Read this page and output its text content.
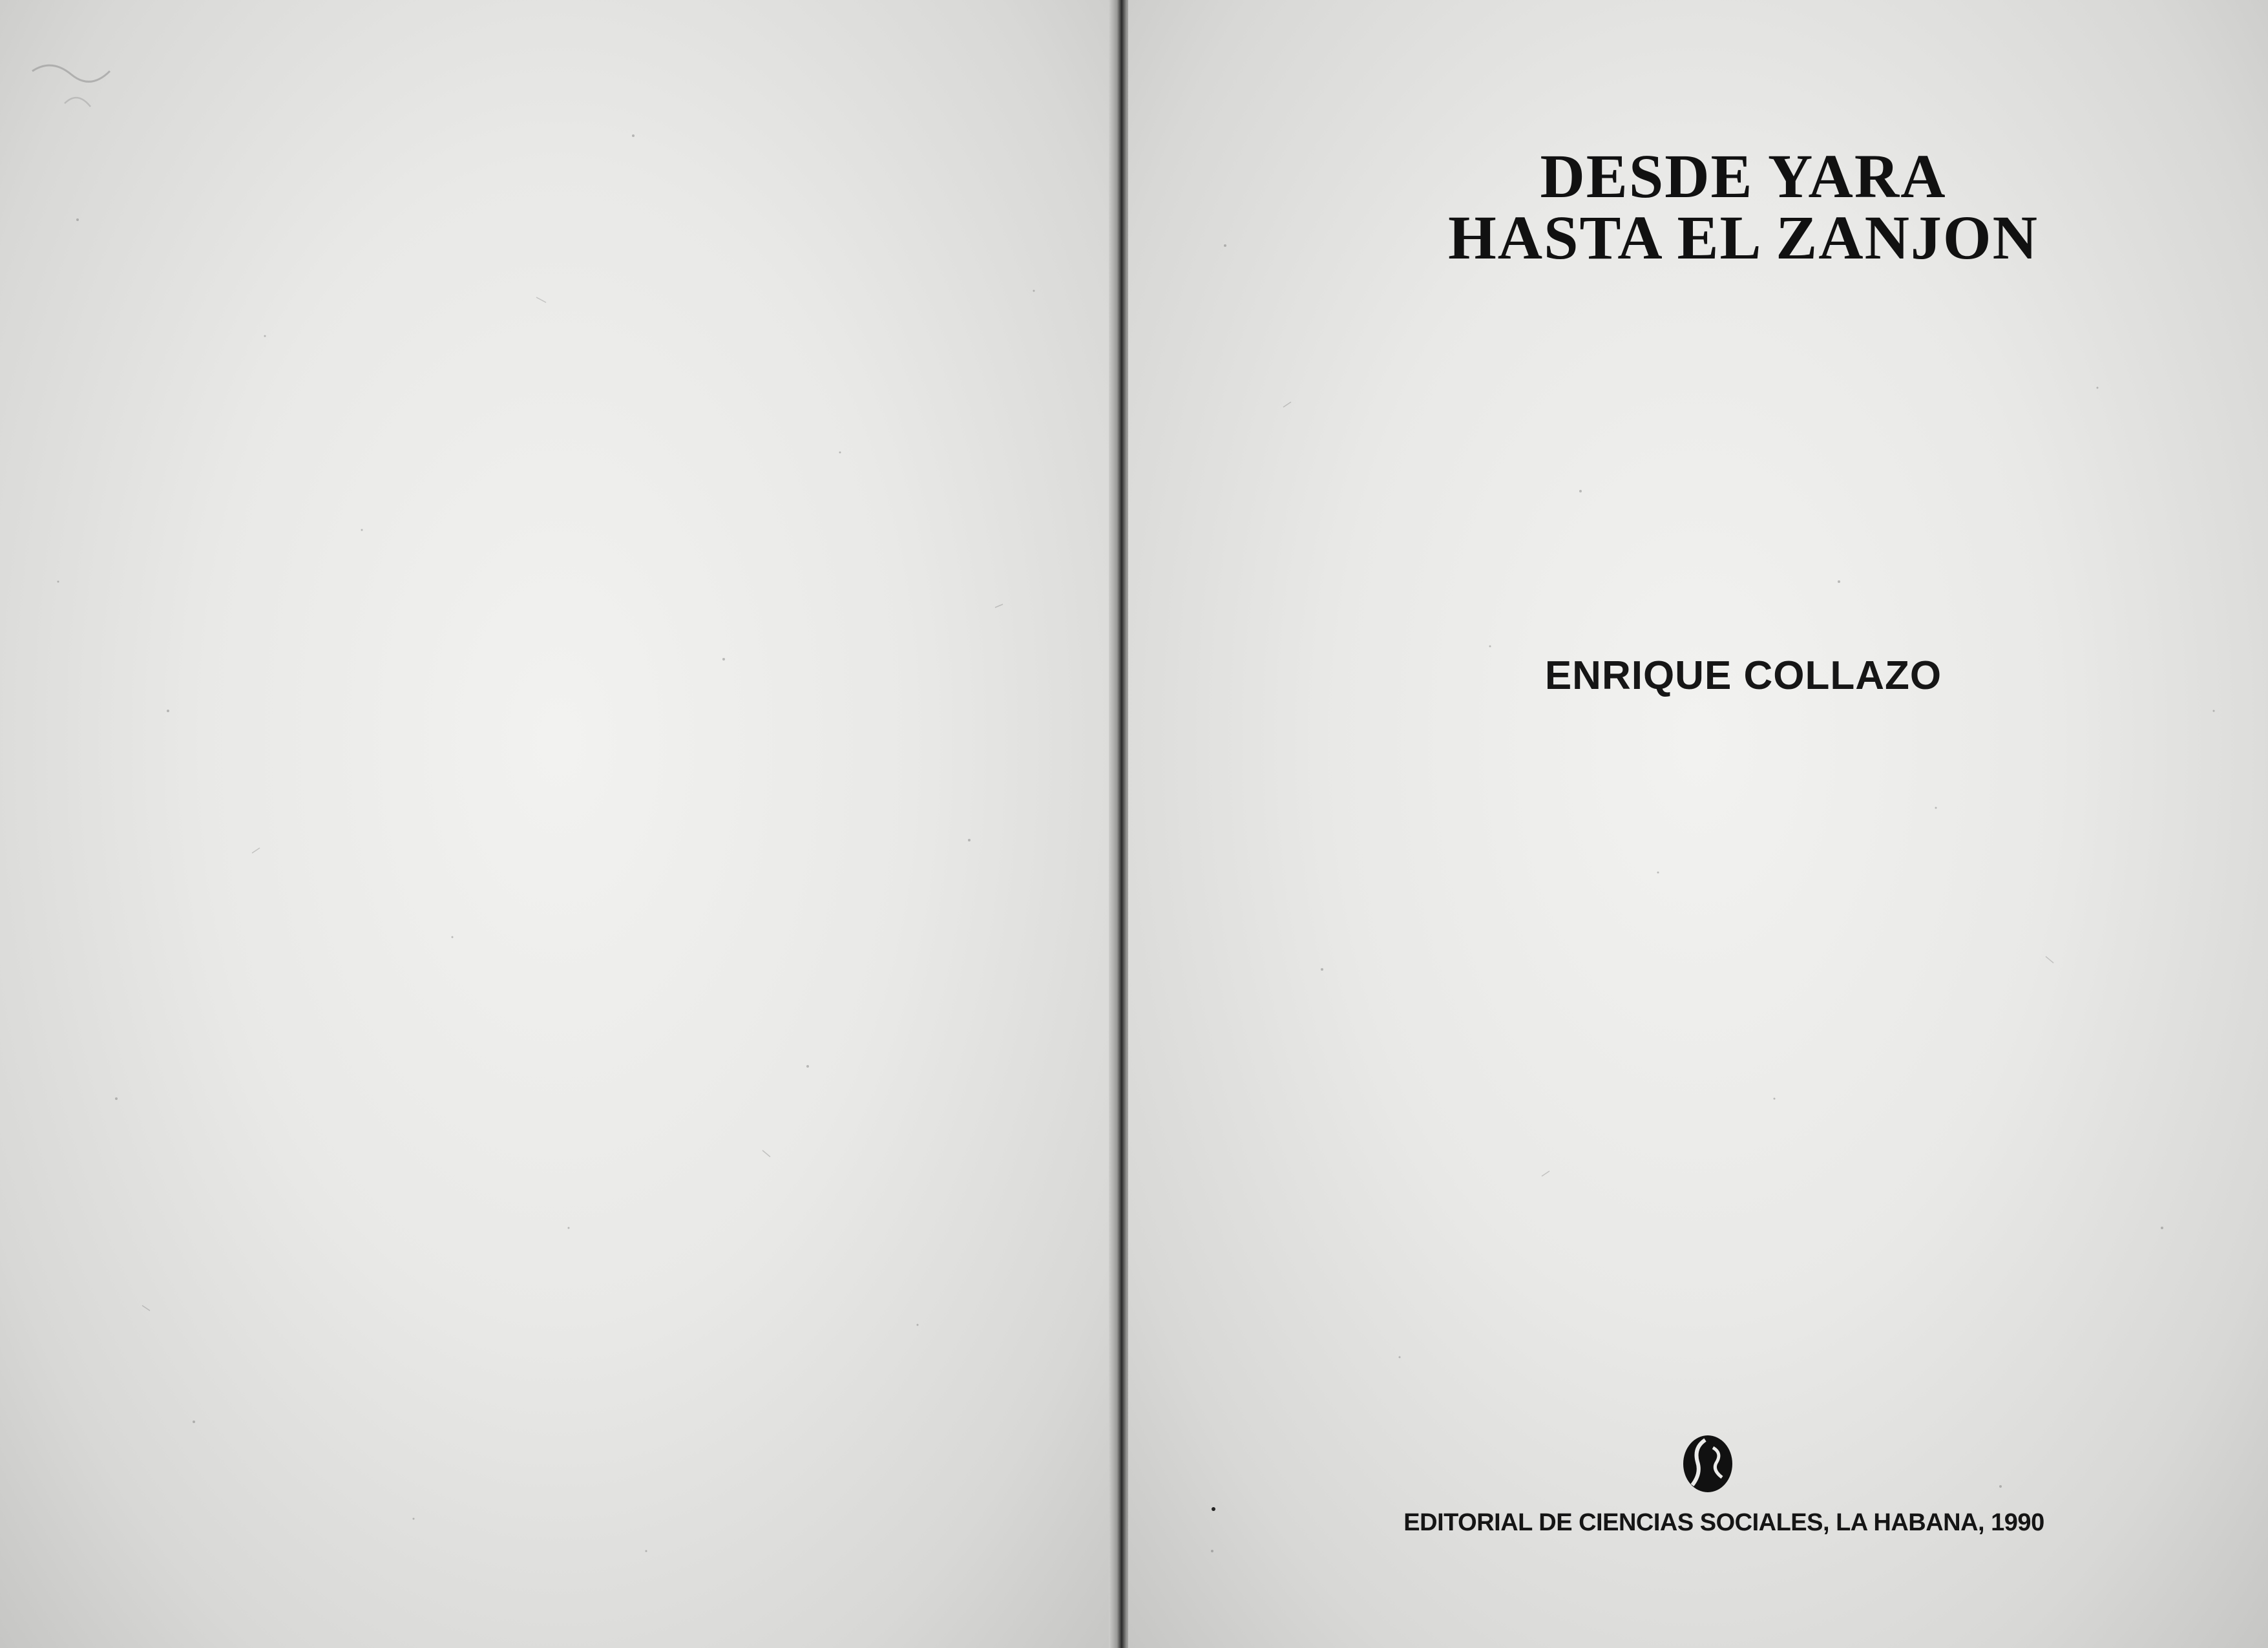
DESDE YARA
HASTA EL ZANJON
ENRIQUE COLLAZO
EDITORIAL DE CIENCIAS SOCIALES, LA HABANA, 1990
